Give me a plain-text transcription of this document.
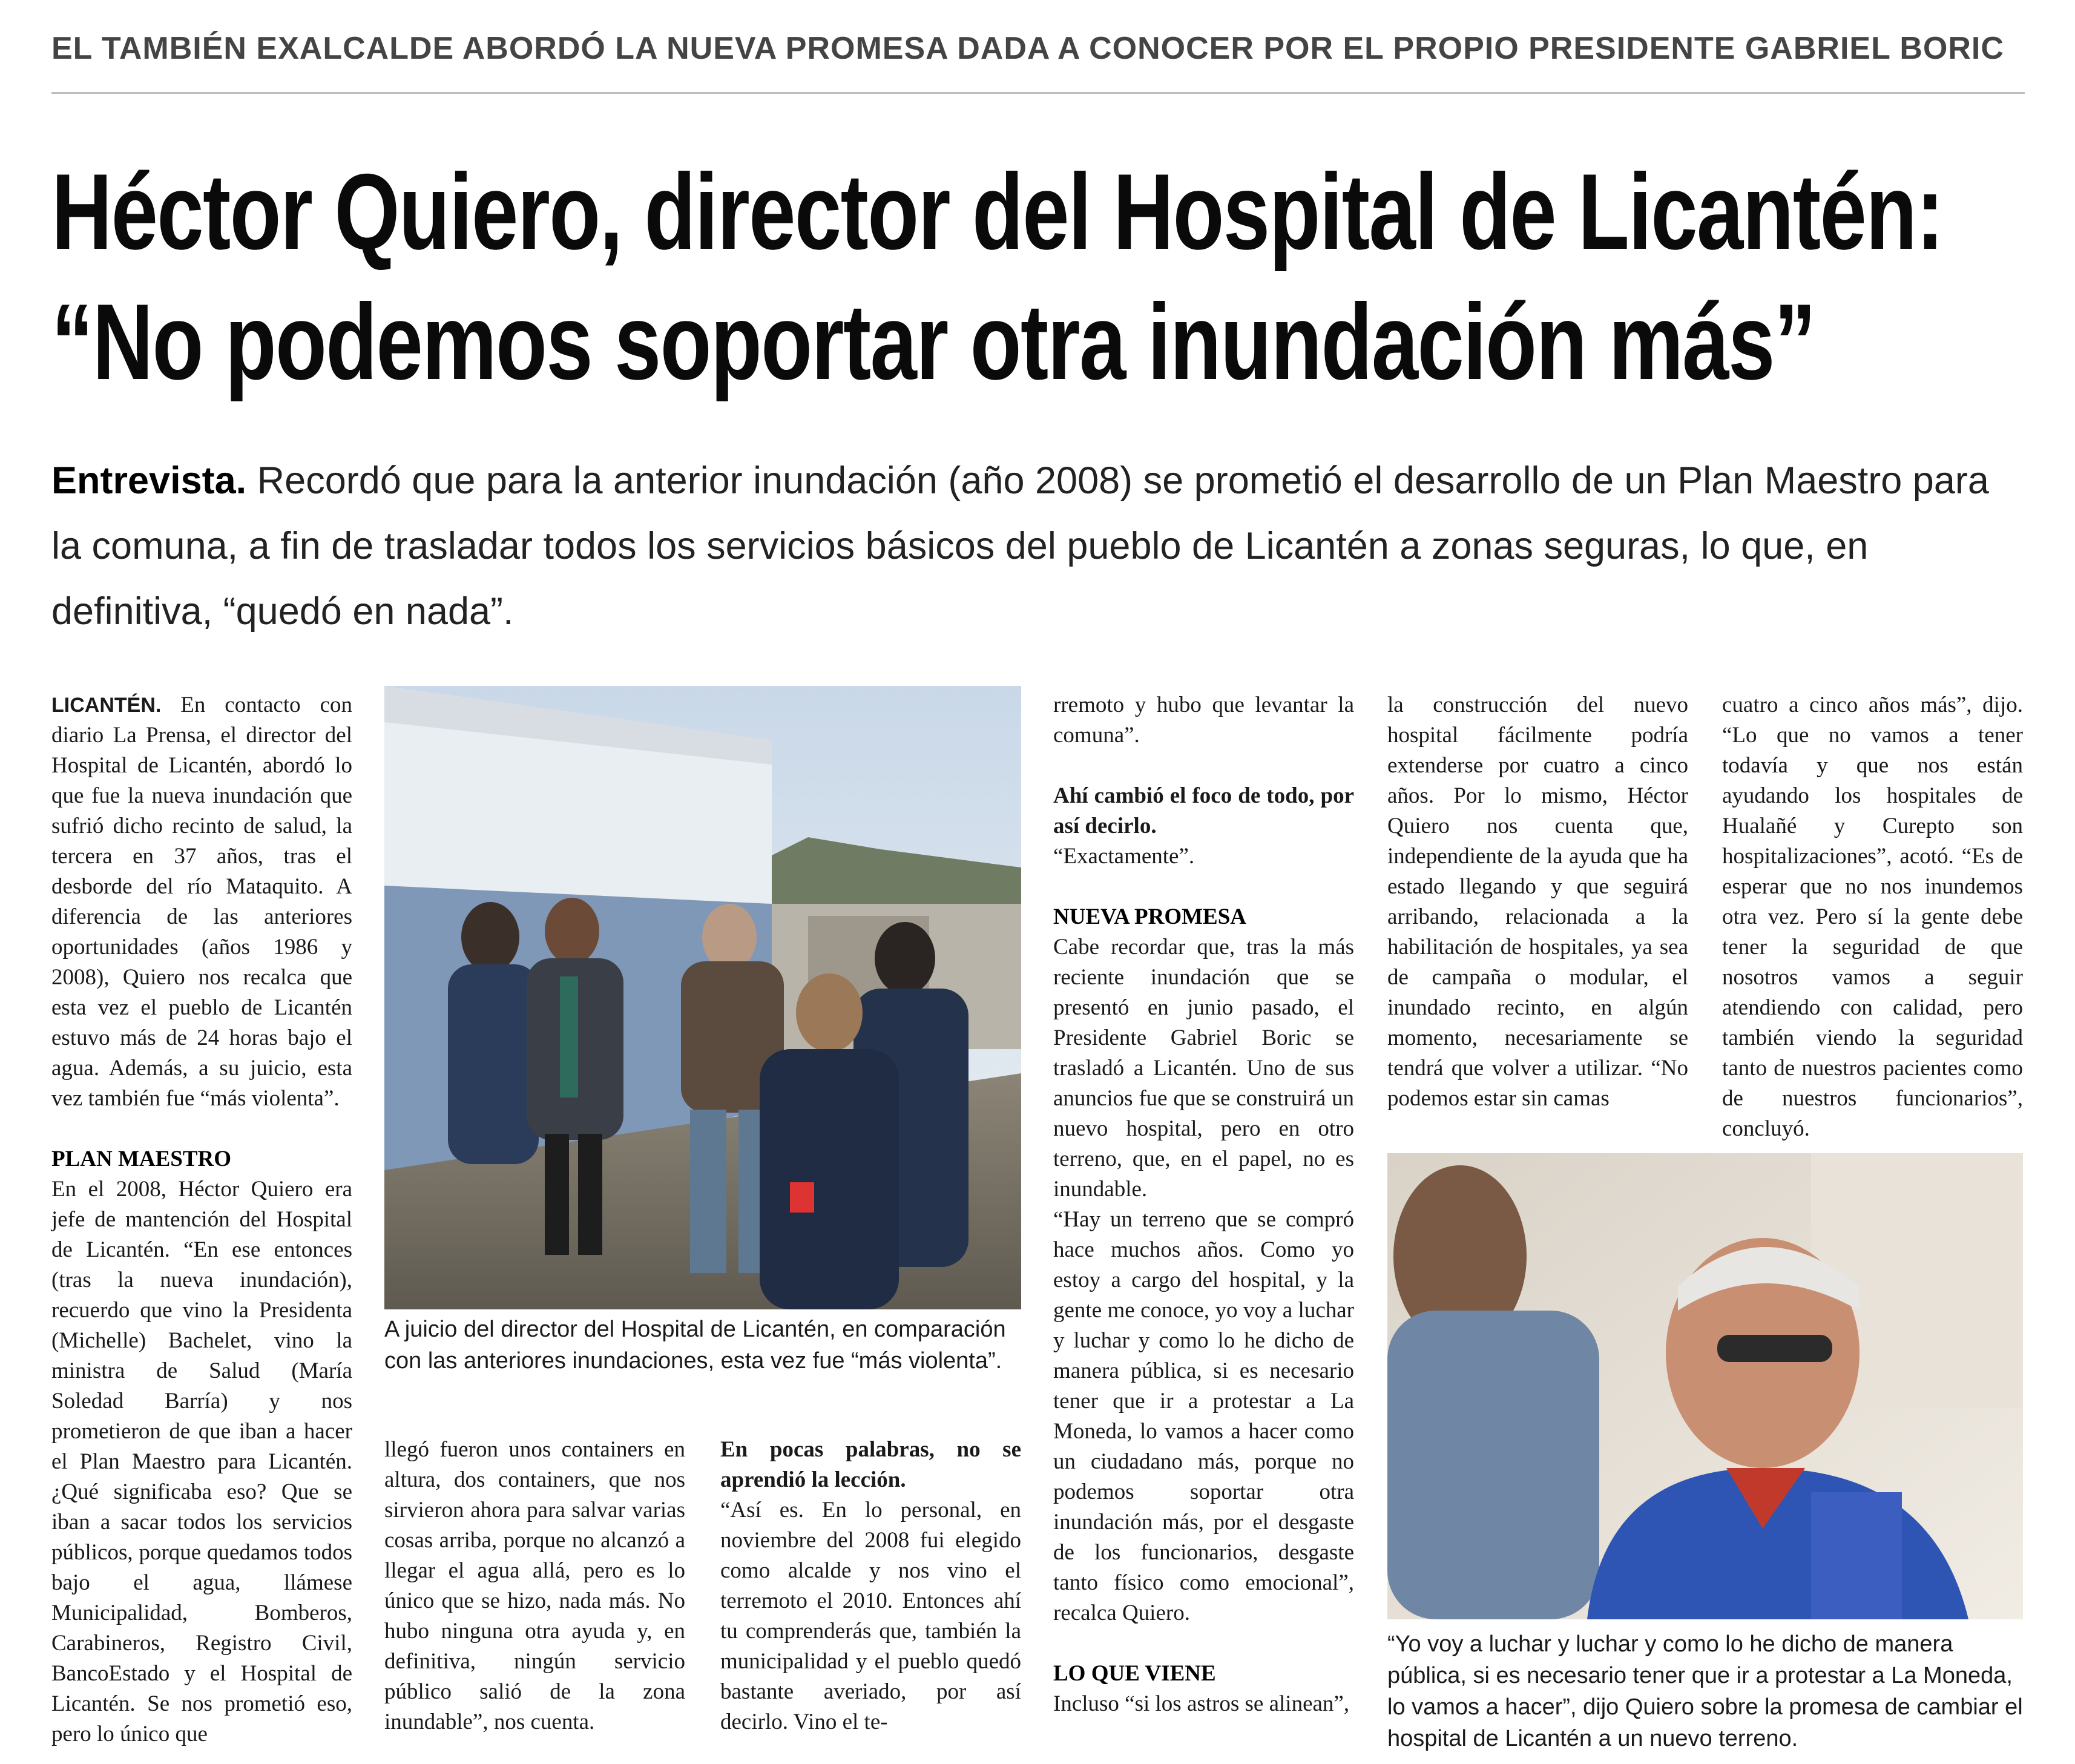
EL TAMBIÉN EXALCALDE ABORDÓ LA NUEVA PROMESA DADA A CONOCER POR EL PROPIO PRESIDENTE GABRIEL BORIC
Héctor Quiero, director del Hospital de Licantén:
“No podemos soportar otra inundación más”
Entrevista. Recordó que para la anterior inundación (año 2008) se prometió el desarrollo de un Plan Maestro para la comuna, a fin de trasladar todos los servicios básicos del pueblo de Licantén a zonas seguras, lo que, en definitiva, “quedó en nada”.

LICANTÉN. En contacto con diario La Prensa, el director del Hospital de Licantén, abordó lo que fue la nueva inundación que sufrió dicho recinto de salud, la tercera en 37 años, tras el desborde del río Mataquito. A diferencia de las anteriores oportunidades (años 1986 y 2008), Quiero nos recalca que esta vez el pueblo de Licantén estuvo más de 24 horas bajo el agua. Además, a su juicio, esta vez también fue “más violenta”.

PLAN MAESTRO

En el 2008, Héctor Quiero era jefe de mantención del Hospital de Licantén. “En ese entonces (tras la nueva inundación), recuerdo que vino la Presidenta (Michelle) Bachelet, vino la ministra de Salud (María Soledad Barría) y nos prometieron de que iban a hacer el Plan Maestro para Licantén. ¿Qué significaba eso? Que se iban a sacar todos los servicios públicos, porque quedamos todos bajo el agua, llámese Municipalidad, Bomberos, Carabineros, Registro Civil, BancoEstado y el Hospital de Licantén. Se nos prometió eso, pero lo único que

A juicio del director del Hospital de Licantén, en comparación con las anteriores inundaciones, esta vez fue “más violenta”.

llegó fueron unos containers en altura, dos containers, que nos sirvieron ahora para salvar varias cosas arriba, porque no alcanzó a llegar el agua allá, pero es lo único que se hizo, nada más. No hubo ninguna otra ayuda y, en definitiva, ningún servicio público salió de la zona inundable”, nos cuenta.

En pocas palabras, no se aprendió la lección.

“Así es. En lo personal, en noviembre del 2008 fui elegido como alcalde y nos vino el terremoto el 2010. Entonces ahí tu comprenderás que, también la municipalidad y el pueblo quedó bastante averiado, por así decirlo. Vino el te-

rremoto y hubo que levantar la comuna”.

Ahí cambió el foco de todo, por así decirlo.

“Exactamente”.

NUEVA PROMESA

Cabe recordar que, tras la más reciente inundación que se presentó en junio pasado, el Presidente Gabriel Boric se trasladó a Licantén. Uno de sus anuncios fue que se construirá un nuevo hospital, pero en otro terreno, que, en el papel, no es inundable.

“Hay un terreno que se compró hace muchos años. Como yo estoy a cargo del hospital, y la gente me conoce, yo voy a luchar y luchar y como lo he dicho de manera pública, si es necesario tener que ir a protestar a La Moneda, lo vamos a hacer como un ciudadano más, porque no podemos soportar otra inundación más, por el desgaste de los funcionarios, desgaste tanto físico como emocional”, recalca Quiero.

LO QUE VIENE

Incluso “si los astros se alinean”,

la construcción del nuevo hospital fácilmente podría extenderse por cuatro a cinco años. Por lo mismo, Héctor Quiero nos cuenta que, independiente de la ayuda que ha estado llegando y que seguirá arribando, relacionada a la habilitación de hospitales, ya sea de campaña o modular, el inundado recinto, en algún momento, necesariamente se tendrá que volver a utilizar. “No podemos estar sin camas

cuatro a cinco años más”, dijo. “Lo que no vamos a tener todavía y que nos están ayudando los hospitales de Hualañé y Curepto son hospitalizaciones”, acotó. “Es de esperar que no nos inundemos otra vez. Pero sí la gente debe tener la seguridad de que nosotros vamos a seguir atendiendo con calidad, pero también viendo la seguridad tanto de nuestros pacientes como de nuestros funcionarios”, concluyó.

“Yo voy a luchar y luchar y como lo he dicho de manera pública, si es necesario tener que ir a protestar a La Moneda, lo vamos a hacer”, dijo Quiero sobre la promesa de cambiar el hospital de Licantén a un nuevo terreno.
